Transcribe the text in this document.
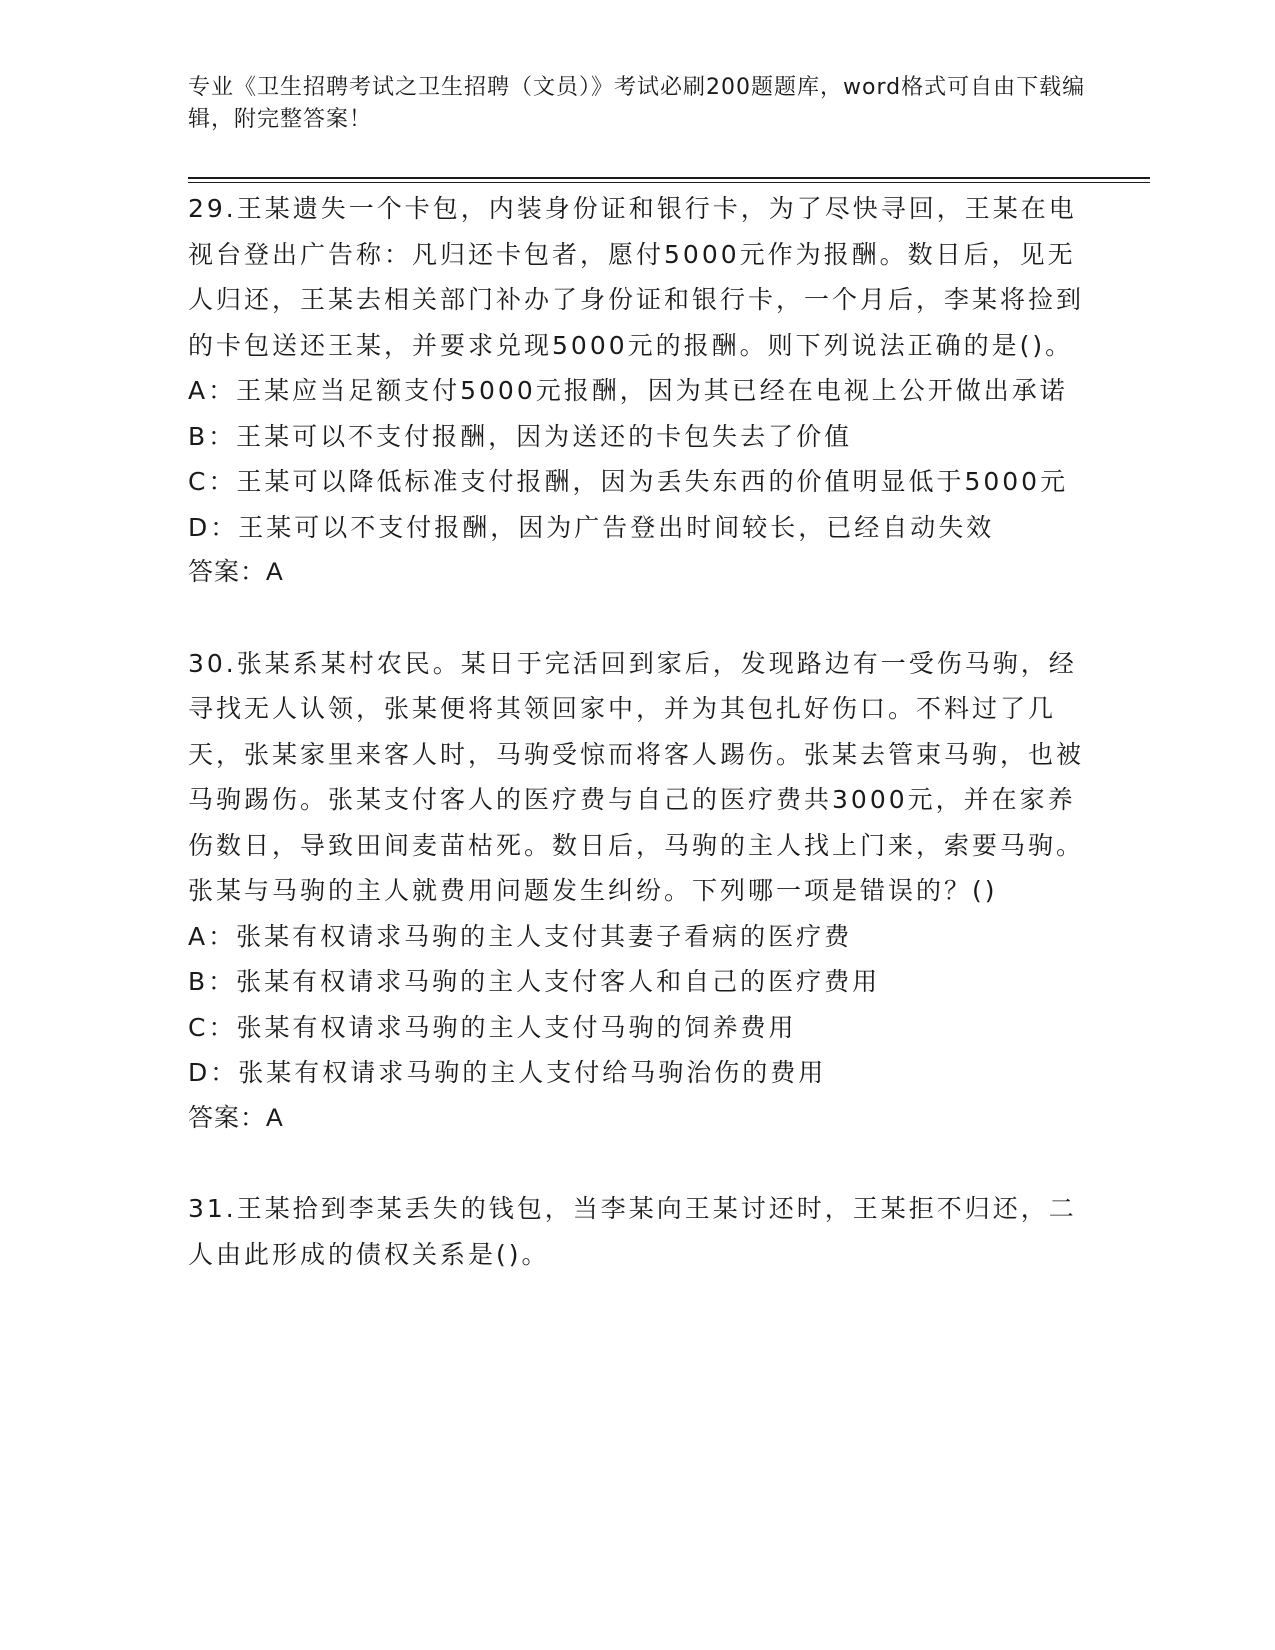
专业《卫生招聘考试之卫生招聘（文员）》考试必刷200题题库，word格式可自由下载编辑，附完整答案！
29.王某遗失一个卡包，内装身份证和银行卡，为了尽快寻回，王某在电视台登出广告称：凡归还卡包者，愿付5000元作为报酬。数日后，见无人归还，王某去相关部门补办了身份证和银行卡，一个月后，李某将捡到的卡包送还王某，并要求兑现5000元的报酬。则下列说法正确的是()。
A：王某应当足额支付5000元报酬，因为其已经在电视上公开做出承诺
B：王某可以不支付报酬，因为送还的卡包失去了价值
C：王某可以降低标准支付报酬，因为丢失东西的价值明显低于5000元
D：王某可以不支付报酬，因为广告登出时间较长，已经自动失效
答案：A
30.张某系某村农民。某日于完活回到家后，发现路边有一受伤马驹，经寻找无人认领，张某便将其领回家中，并为其包扎好伤口。不料过了几天，张某家里来客人时，马驹受惊而将客人踢伤。张某去管束马驹，也被马驹踢伤。张某支付客人的医疗费与自己的医疗费共3000元，并在家养伤数日，导致田间麦苗枯死。数日后，马驹的主人找上门来，索要马驹。张某与马驹的主人就费用问题发生纠纷。下列哪一项是错误的？()
A：张某有权请求马驹的主人支付其妻子看病的医疗费
B：张某有权请求马驹的主人支付客人和自己的医疗费用
C：张某有权请求马驹的主人支付马驹的饲养费用
D：张某有权请求马驹的主人支付给马驹治伤的费用
答案：A
31.王某拾到李某丢失的钱包，当李某向王某讨还时，王某拒不归还，二人由此形成的债权关系是()。
